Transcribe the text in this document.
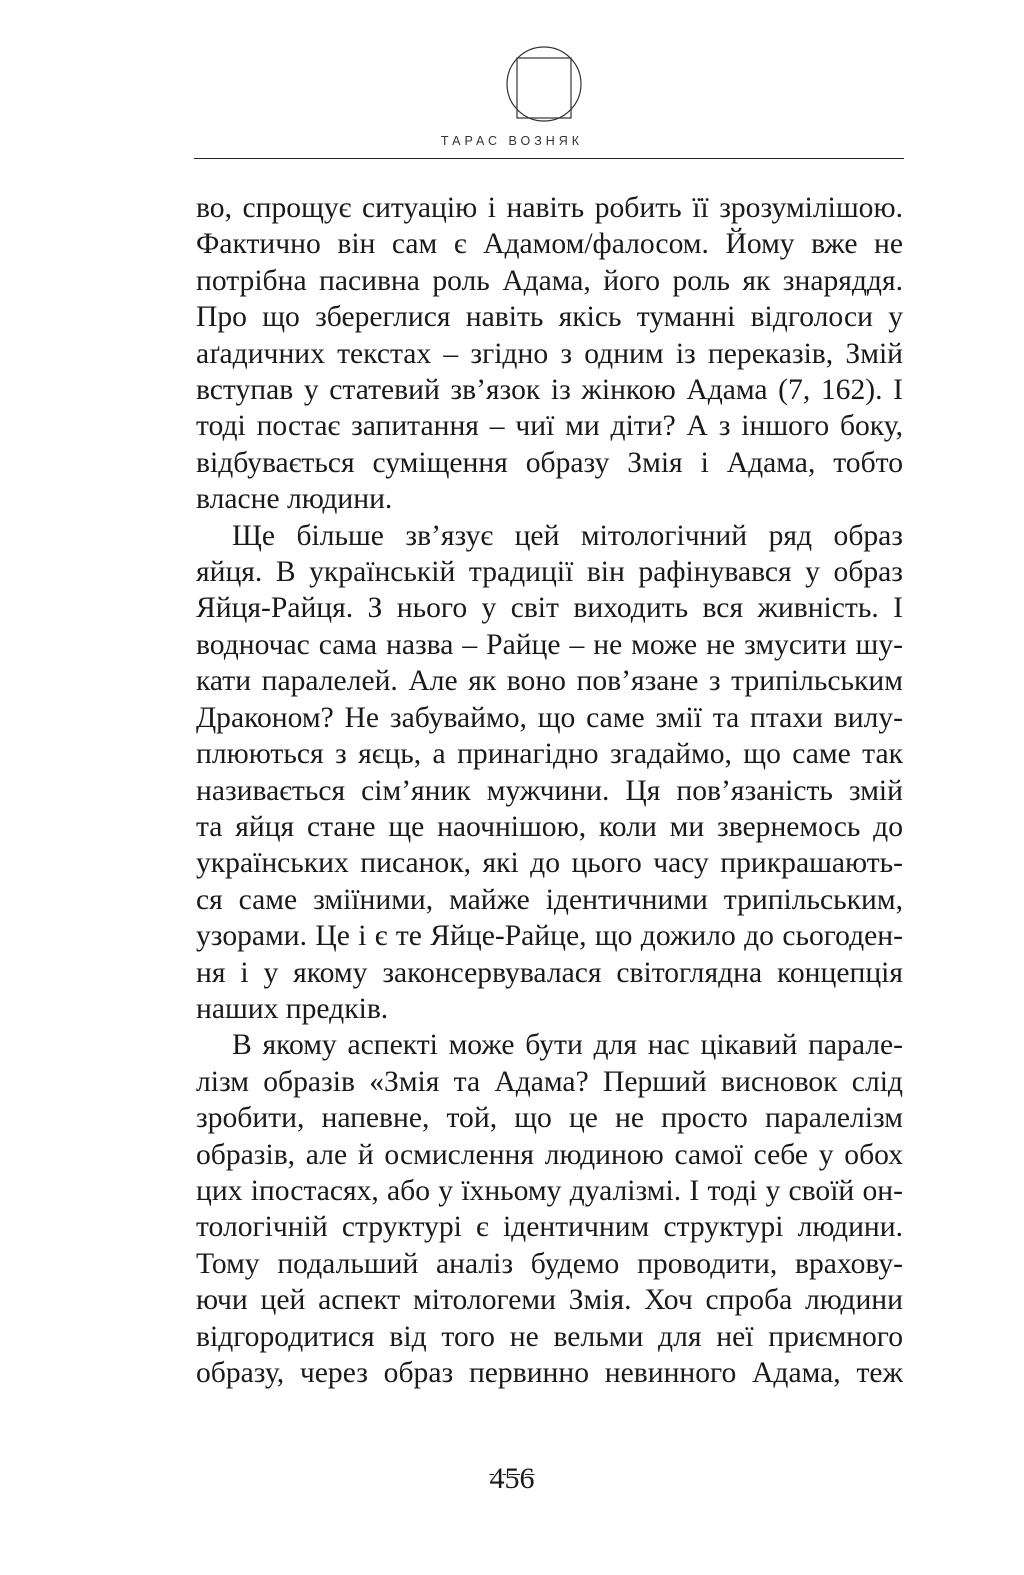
ТАРАС ВОЗНЯК

во, спрощує ситуацію і навіть робить її зрозумілішою.

Фактично він сам є Адамом/фалосом. Йому вже не

потрібна пасивна роль Адама, його роль як знаряддя.

Про що збереглися навіть якісь туманні відголоси у

аґадичних текстах – згідно з одним із переказів, Змій

вступав у статевий зв’язок із жінкою Адама (7, 162). І

тоді постає запитання – чиї ми діти? А з іншого боку,

відбувається суміщення образу Змія і Адама, тобто

власне людини.

Ще більше зв’язує цей мітологічний ряд образ

яйця. В українській традиції він рафінувався у образ

Яйця-Райця. З нього у світ виходить вся живність. І

водночас сама назва – Райце – не може не змусити шу-

кати паралелей. Але як воно пов’язане з трипільським

Драконом? Не забуваймо, що саме змії та птахи вилу-

плюються з яєць, а принагідно згадаймо, що саме так

називається сім’яник мужчини. Ця пов’язаність змій

та яйця стане ще наочнішою, коли ми звернемось до

українських писанок, які до цього часу прикрашають-

ся саме зміїними, майже ідентичними трипільським,

узорами. Це і є те Яйце-Райце, що дожило до сьогоден-

ня і у якому законсервувалася світоглядна концепція

наших предків.

В якому аспекті може бути для нас цікавий парале-

лізм образів «Змія та Адама? Перший висновок слід

зробити, напевне, той, що це не просто паралелізм

образів, але й осмислення людиною самої себе у обох

цих іпостасях, або у їхньому дуалізмі. І тоді у своїй он-

тологічній структурі є ідентичним структурі людини.

Тому подальший аналіз будемо проводити, врахову-

ючи цей аспект мітологеми Змія. Хоч спроба людини

відгородитися від того не вельми для неї приємного

образу, через образ первинно невинного Адама, теж

456
